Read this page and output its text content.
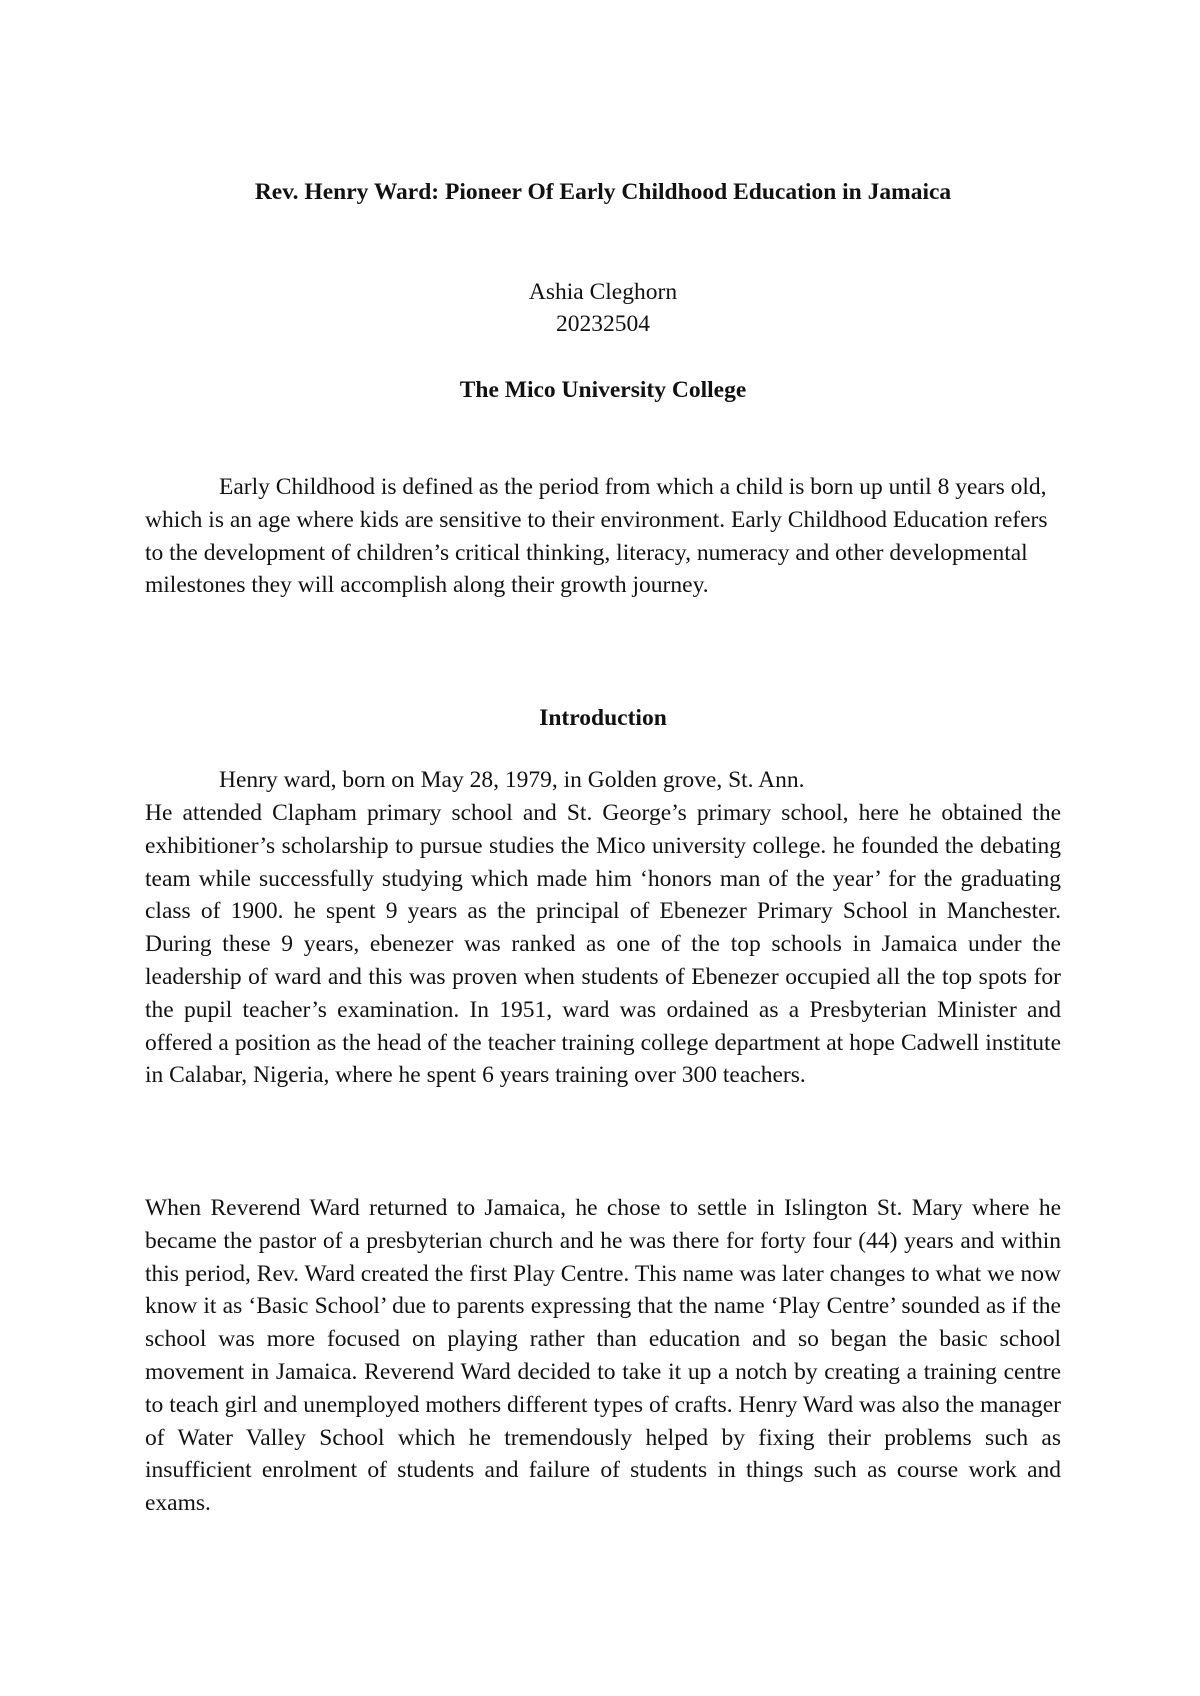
Rev. Henry Ward: Pioneer Of Early Childhood Education in Jamaica

Ashia Cleghorn

20232504

The Mico University College

Early Childhood is defined as the period from which a child is born up until 8 years old, which is an age where kids are sensitive to their environment. Early Childhood Education refers to the development of children’s critical thinking, literacy, numeracy and other developmental milestones they will accomplish along their growth journey.

Introduction

Henry ward, born on May 28, 1979, in Golden grove, St. Ann.

He attended Clapham primary school and St. George’s primary school, here he obtained the exhibitioner’s scholarship to pursue studies the Mico university college. he founded the debating team while successfully studying which made him ‘honors man of the year’ for the graduating class of 1900. he spent 9 years as the principal of Ebenezer Primary School in Manchester. During these 9 years, ebenezer was ranked as one of the top schools in Jamaica under the leadership of ward and this was proven when students of Ebenezer occupied all the top spots for the pupil teacher’s examination. In 1951, ward was ordained as a Presbyterian Minister and offered a position as the head of the teacher training college department at hope Cadwell institute in Calabar, Nigeria, where he spent 6 years training over 300 teachers.

When Reverend Ward returned to Jamaica, he chose to settle in Islington St. Mary where he became the pastor of a presbyterian church and he was there for forty four (44) years and within this period, Rev. Ward created the first Play Centre. This name was later changes to what we now know it as ‘Basic School’ due to parents expressing that the name ‘Play Centre’ sounded as if the school was more focused on playing rather than education and so began the basic school movement in Jamaica. Reverend Ward decided to take it up a notch by creating a training centre to teach girl and unemployed mothers different types of crafts. Henry Ward was also the manager of Water Valley School which he tremendously helped by fixing their problems such as insufficient enrolment of students and failure of students in things such as course work and exams.
